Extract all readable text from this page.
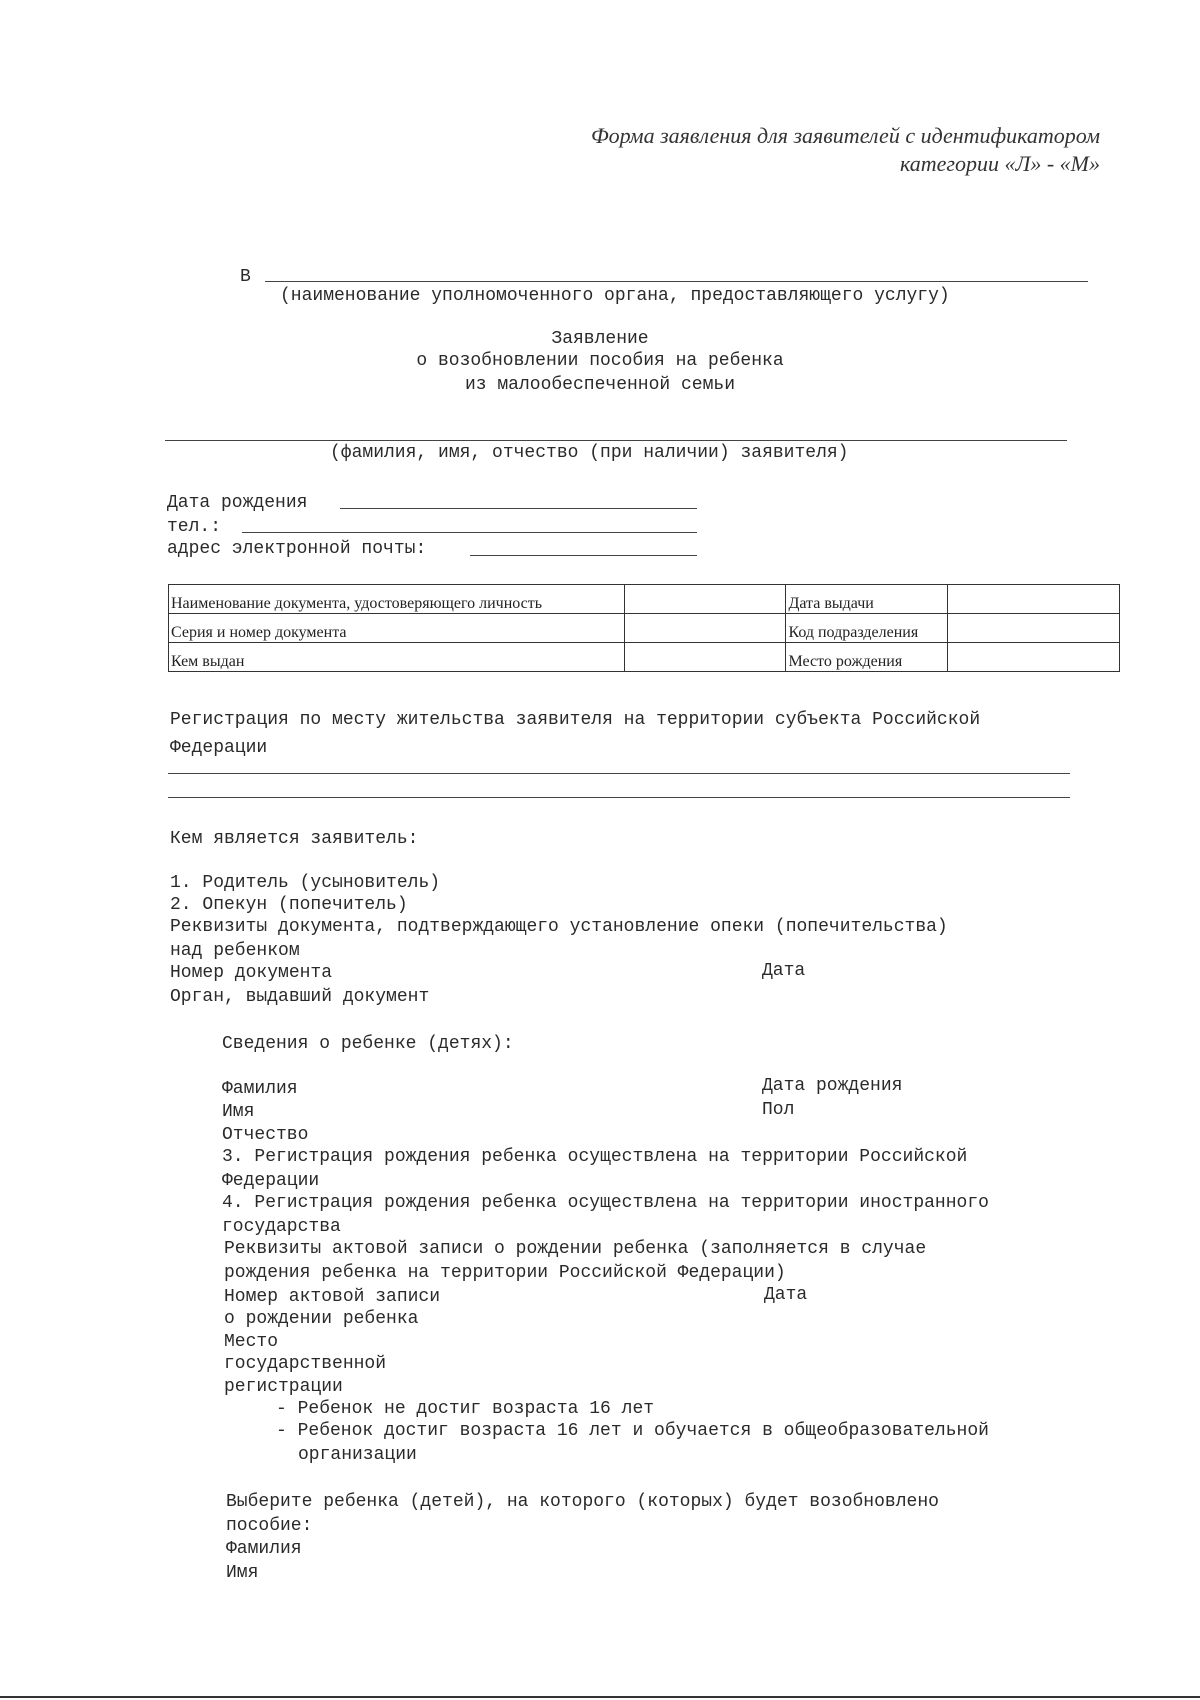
Форма заявления для заявителей с идентификатором
категории «Л» - «М»
В
(наименование уполномоченного органа, предоставляющего услугу)
Заявление
о возобновлении пособия на ребенка
из малообеспеченной семьи
(фамилия, имя, отчество (при наличии) заявителя)
Дата рождения
тел.:
адрес электронной почты:
Наименование документа, удостоверяющего личность		Дата выдачи	
Серия и номер документа		Код подразделения	
Кем выдан		Место рождения	
Регистрация по месту жительства заявителя на территории субъекта Российской
Федерации
Кем является заявитель:
1. Родитель (усыновитель)
2. Опекун (попечитель)
Реквизиты документа, подтверждающего установление опеки (попечительства)
над ребенком
Номер документа	Дата
Орган, выдавший документ
Сведения о ребенке (детях):
Фамилия	Дата рождения
Имя	Пол
Отчество
3. Регистрация рождения ребенка осуществлена на территории Российской
Федерации
4. Регистрация рождения ребенка осуществлена на территории иностранного
государства
Реквизиты актовой записи о рождении ребенка (заполняется в случае
рождения ребенка на территории Российской Федерации)
Номер актовой записи	Дата
о рождении ребенка
Место
государственной
регистрации
- Ребенок не достиг возраста 16 лет
- Ребенок достиг возраста 16 лет и обучается в общеобразовательной
организации
Выберите ребенка (детей), на которого (которых) будет возобновлено
пособие:
Фамилия
Имя
